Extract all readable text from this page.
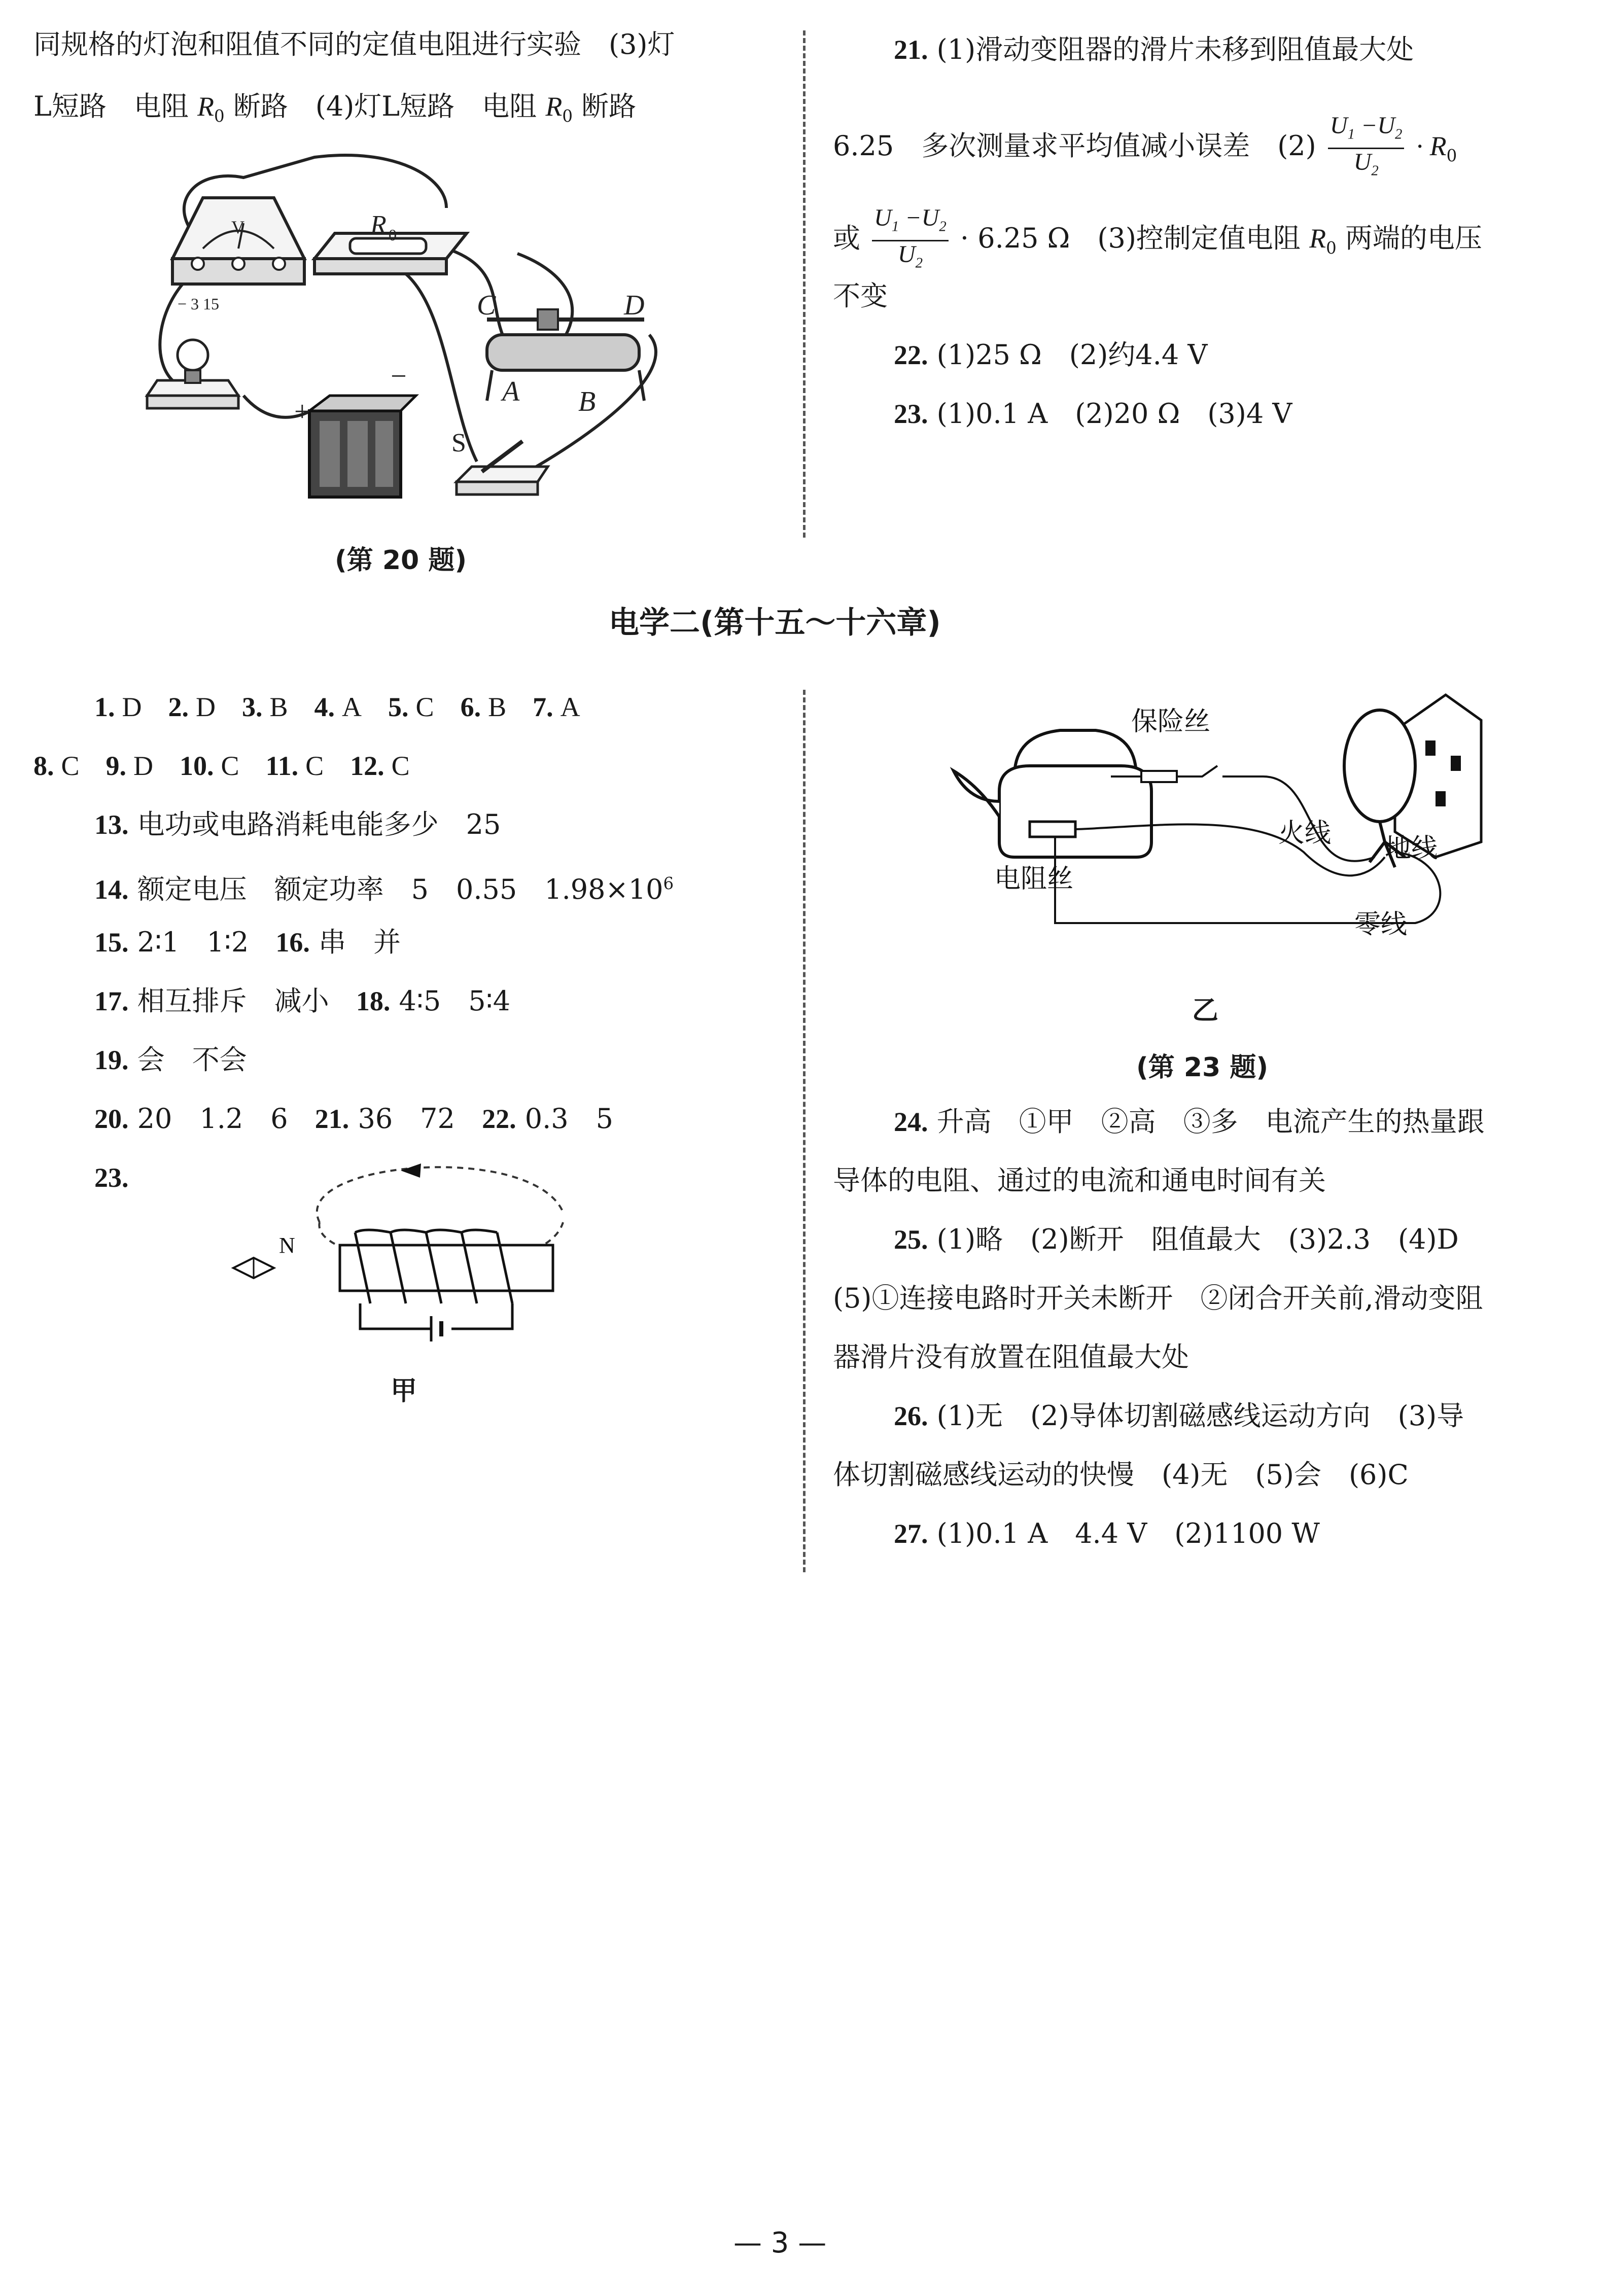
同规格的灯泡和阻值不同的定值电阻进行实验　(3)灯
L短路　电阻 $R_0$ 断路　(4)灯L短路　电阻 $R_0$ 断路
V
− 3 15
R 0
C	D
A B
+
−
S
(第 20 题)
21. (1)滑动变阻器的滑片未移到阻值最大处
6.25　多次测量求平均值减小误差　$(2) \frac{U_1 -U_2}{U_2} \cdot R_0$
或 $\frac{U_1 -U_2}{U_2} \cdot 6.25$ Ω　(3)控制定值电阻 $R_0$ 两端的电压
不变
22. (1)25 Ω　(2)约4.4 V
23. (1)0.1 A　(2)20 Ω　(3)4 V
电学二(第十五～十六章)
1. D 2. D 3. B 4. A 5. C 6. B 7. A
8. C 9. D 10. C 11. C 12. C
13. 电功或电路消耗电能多少　25
14. 额定电压　额定功率　5　0.55　$1.98\times 10^6$
15. 2∶1　1∶2 16. 串　并
17. 相互排斥　减小 18. 4∶5　5∶4
19. 会　不会
20. 20　1.2　6 21. 36　72 22. 0.3　5
23.
N
甲
保险丝
火线
地线
电阻丝
零线
乙
(第 23 题)
24. 升高　①甲　②高　③多　电流产生的热量跟
导体的电阻、通过的电流和通电时间有关
25. (1)略　(2)断开　阻值最大　(3)2.3　(4)D
(5)①连接电路时开关未断开　②闭合开关前,滑动变阻
器滑片没有放置在阻值最大处
26. (1)无　(2)导体切割磁感线运动方向　(3)导
体切割磁感线运动的快慢　(4)无　(5)会　(6)C
27. (1)0.1 A　4.4 V　(2)1100 W
— 3 —
